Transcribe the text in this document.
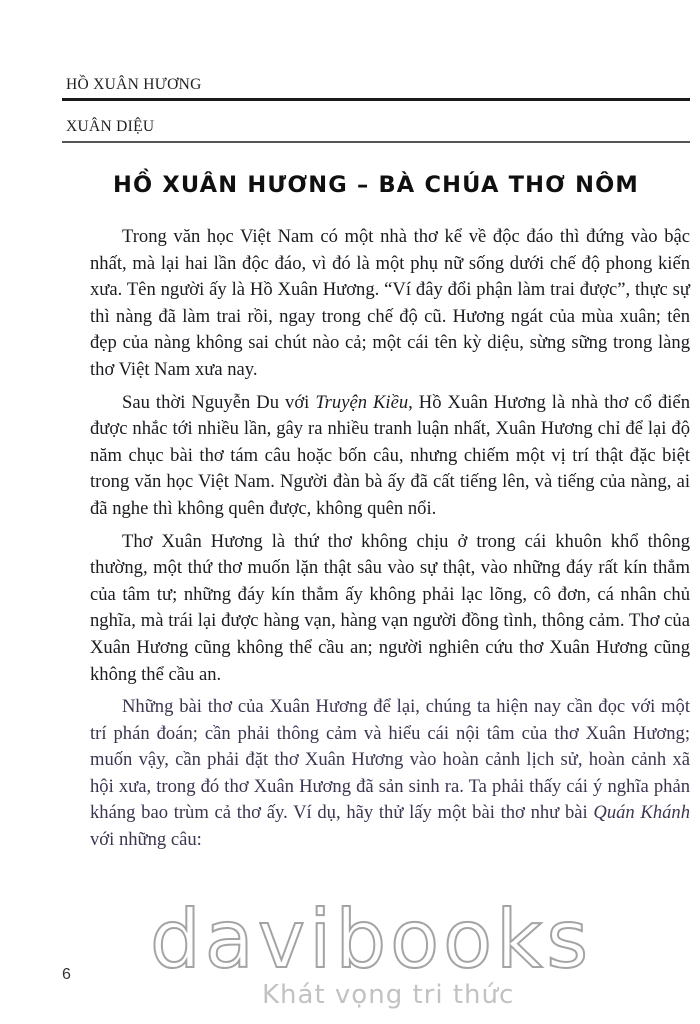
HỒ XUÂN HƯƠNG
XUÂN DIỆU
HỒ XUÂN HƯƠNG – BÀ CHÚA THƠ NÔM

Trong văn học Việt Nam có một nhà thơ kể về độc đáo thì đứng vào bậc nhất, mà lại hai lần độc đáo, vì đó là một phụ nữ sống dưới chế độ phong kiến xưa. Tên người ấy là Hồ Xuân Hương. “Ví đây đổi phận làm trai được”, thực sự thì nàng đã làm trai rồi, ngay trong chế độ cũ. Hương ngát của mùa xuân; tên đẹp của nàng không sai chút nào cả; một cái tên kỳ diệu, sừng sững trong làng thơ Việt Nam xưa nay.

Sau thời Nguyễn Du với Truyện Kiều, Hồ Xuân Hương là nhà thơ cổ điển được nhắc tới nhiều lần, gây ra nhiều tranh luận nhất, Xuân Hương chỉ để lại độ năm chục bài thơ tám câu hoặc bốn câu, nhưng chiếm một vị trí thật đặc biệt trong văn học Việt Nam. Người đàn bà ấy đã cất tiếng lên, và tiếng của nàng, ai đã nghe thì không quên được, không quên nổi.

Thơ Xuân Hương là thứ thơ không chịu ở trong cái khuôn khổ thông thường, một thứ thơ muốn lặn thật sâu vào sự thật, vào những đáy rất kín thẳm của tâm tư; những đáy kín thẳm ấy không phải lạc lõng, cô đơn, cá nhân chủ nghĩa, mà trái lại được hàng vạn, hàng vạn người đồng tình, thông cảm. Thơ của Xuân Hương cũng không thể cầu an; người nghiên cứu thơ Xuân Hương cũng không thể cầu an.

Những bài thơ của Xuân Hương để lại, chúng ta hiện nay cần đọc với một trí phán đoán; cần phải thông cảm và hiểu cái nội tâm của thơ Xuân Hương; muốn vậy, cần phải đặt thơ Xuân Hương vào hoàn cảnh lịch sử, hoàn cảnh xã hội xưa, trong đó thơ Xuân Hương đã sản sinh ra. Ta phải thấy cái ý nghĩa phản kháng bao trùm cả thơ ấy. Ví dụ, hãy thử lấy một bài thơ như bài Quán Khánh với những câu:

6 davibooks
Khát vọng tri thức
